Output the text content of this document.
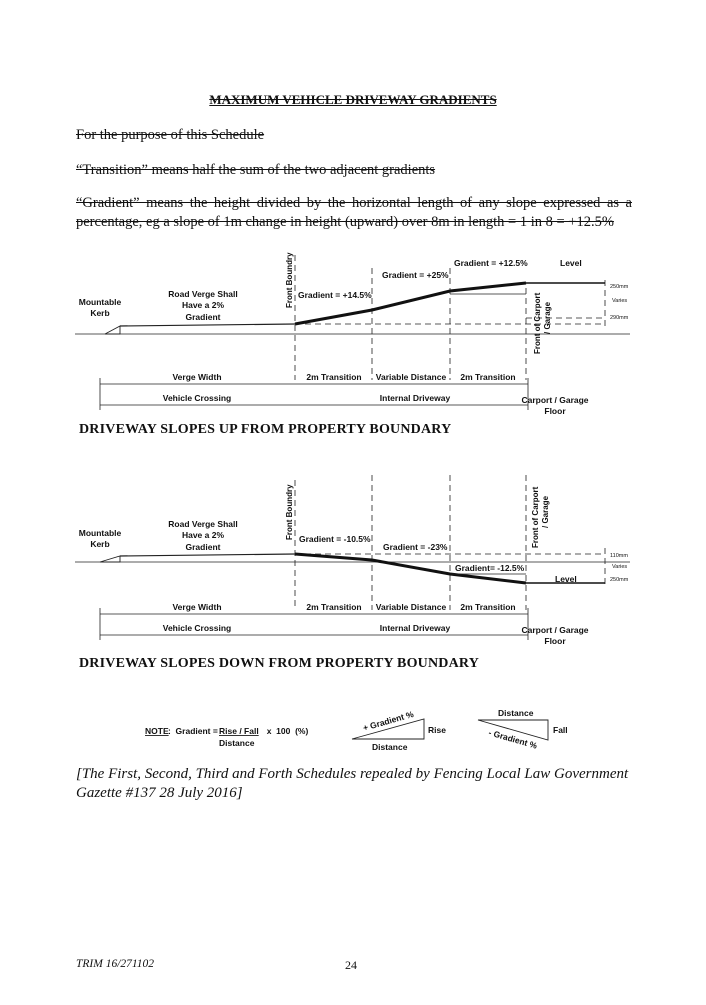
MAXIMUM VEHICLE DRIVEWAY GRADIENTS
For the purpose of this Schedule
“Transition” means half the sum of the two adjacent gradients
“Gradient” means the height divided by the horizontal length of any slope expressed as a percentage, eg a slope of 1m change in height (upward) over 8m in length = 1 in 8 = +12.5%
Mountable
Kerb
Road Verge Shall
Have a 2%
Gradient
Front Boundry Gradient = +14.5%
Gradient = +25%
Gradient = +12.5%	Level
Front of Carport / Garage
250mm
Varies
290mm
Verge Width	2m Transition Variable Distance 2m Transition
Vehicle Crossing	Internal Driveway	Carport / Garage
Floor
DRIVEWAY SLOPES UP FROM PROPERTY BOUNDARY
Mountable
Kerb
Road Verge Shall
Have a 2%
Gradient
Front Boundry Gradient = -10.5%
Gradient = -23%
Gradient= -12.5%
Level
Front of Carport / Garage
110mm
Varies
250mm
Verge Width	2m Transition Variable Distance 2m Transition
Vehicle Crossing	Internal Driveway	Carport / Garage
Floor
DRIVEWAY SLOPES DOWN FROM PROPERTY BOUNDARY
NOTE :  Gradient =
Rise / Fall x  100  (%)
Distance
+ Gradient % Rise
Distance
Distance
- Gradient % Fall
[The First, Second, Third and Forth Schedules repealed by Fencing Local Law Government Gazette #137 28 July 2016]
TRIM 16/271102	24
